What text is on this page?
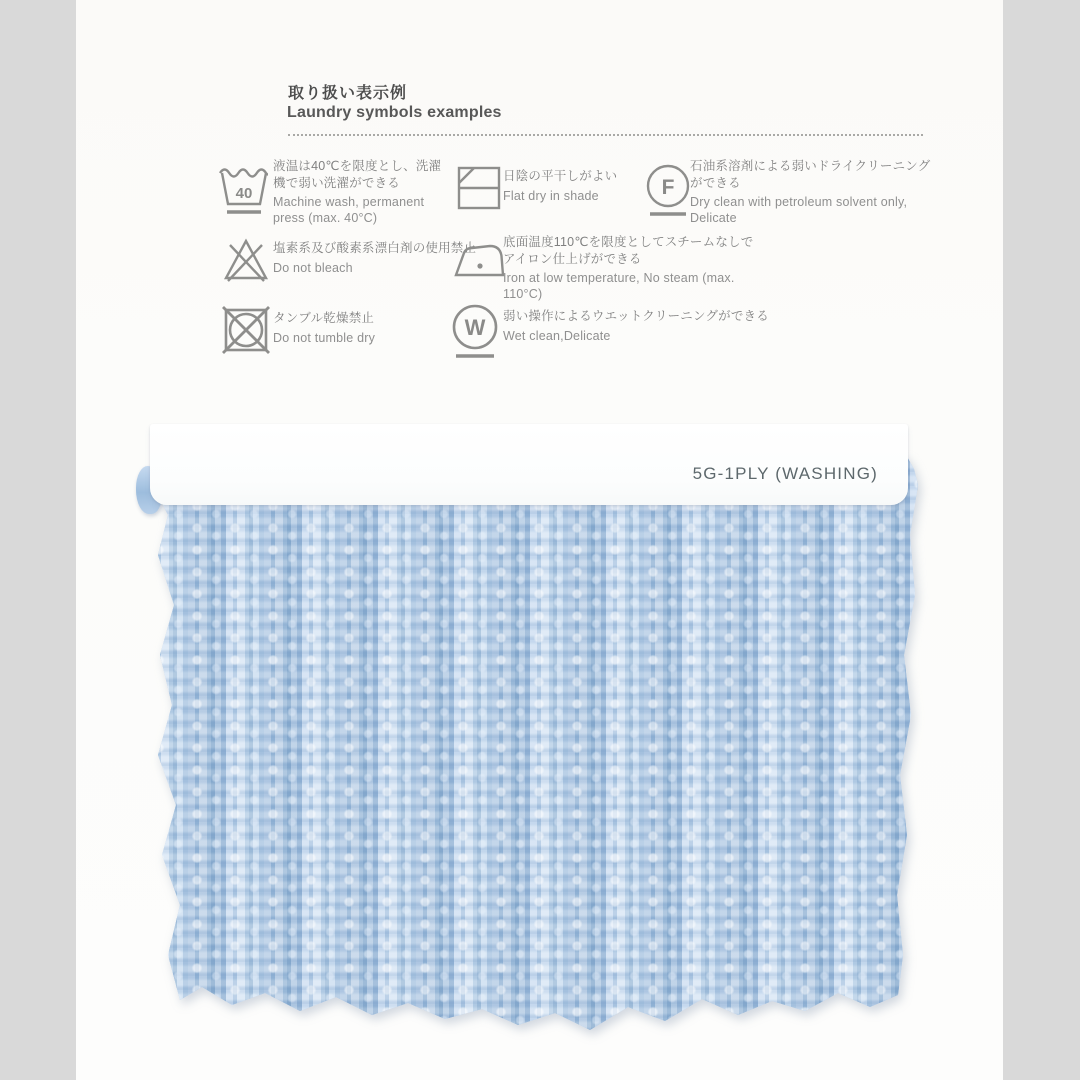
取り扱い表示例
Laundry symbols examples
40
液温は40℃を限度とし、洗濯機で弱い洗濯ができる
Machine wash, permanent press (max. 40°C)
日陰の平干しがよい
Flat dry in shade	F
石油系溶剤による弱いドライクリーニングができる
Dry clean with petroleum solvent only, Delicate
塩素系及び酸素系漂白剤の使用禁止
Do not bleach
底面温度110℃を限度としてスチームなしでアイロン仕上げができる
Iron at low temperature, No steam (max. 110°C)
タンブル乾燥禁止
Do not tumble dry	W 弱い操作によるウエットクリーニングができる
Wet clean,Delicate
5G-1PLY (WASHING)
